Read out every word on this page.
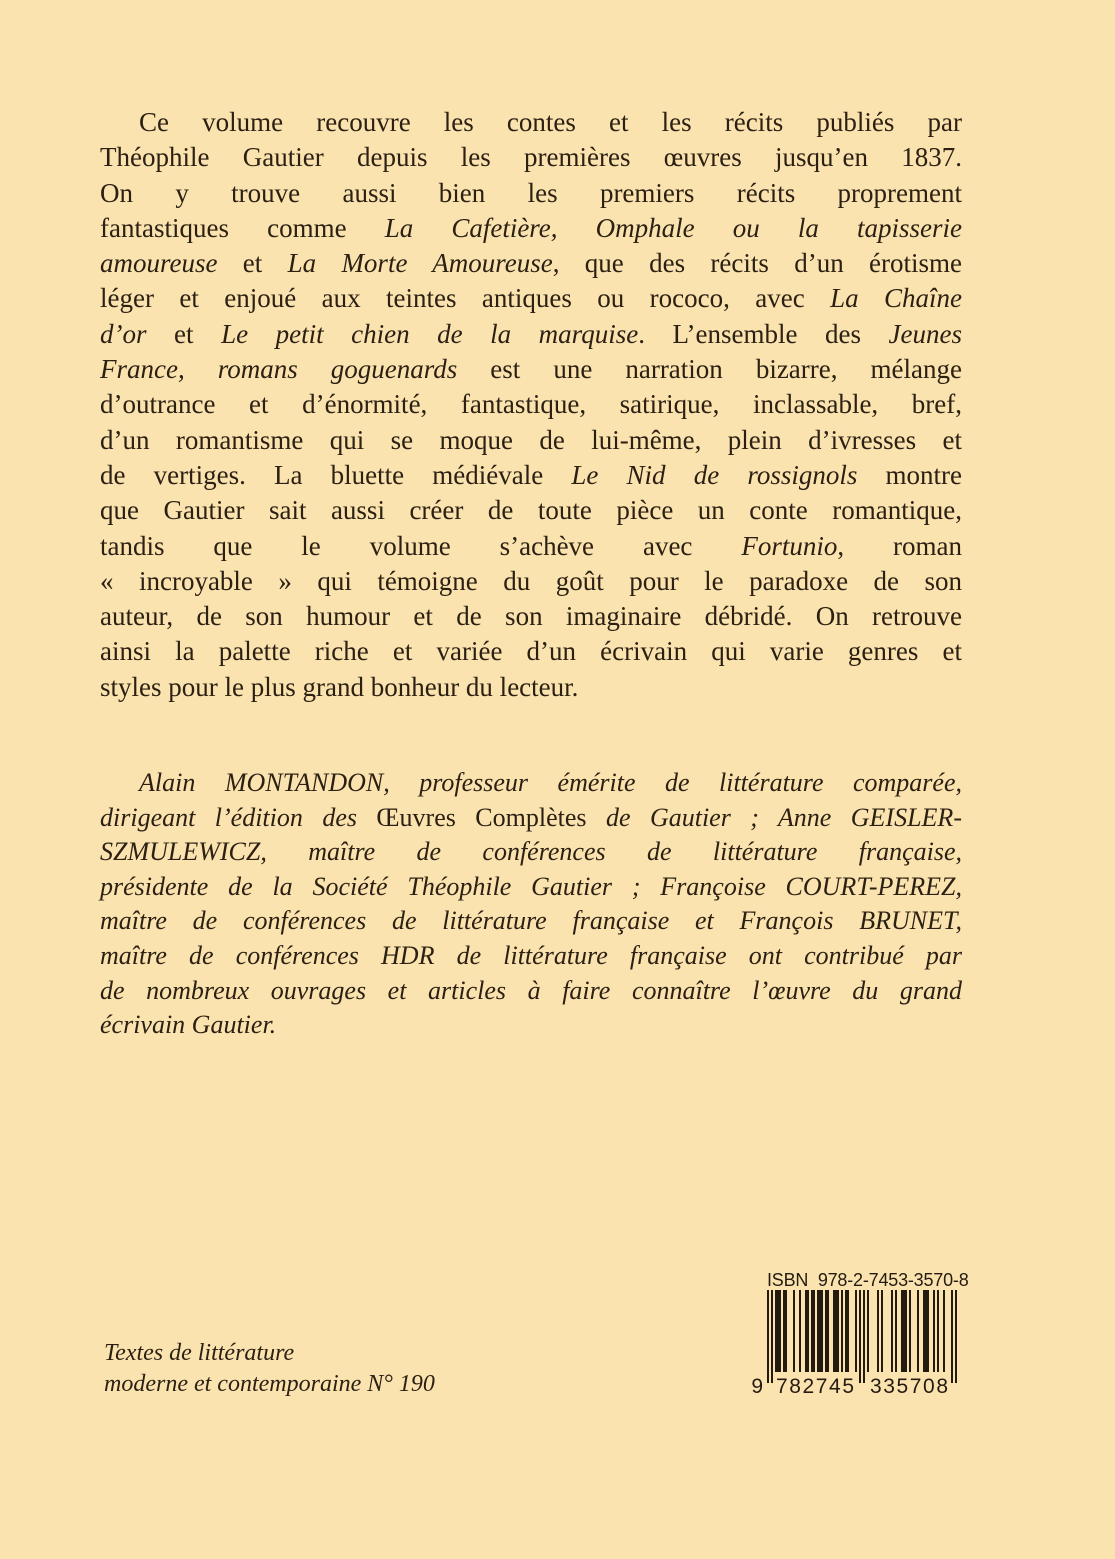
Ce volume recouvre les contes et les récits publiés par
Théophile Gautier depuis les premières œuvres jusqu’en 1837.
On y trouve aussi bien les premiers récits proprement
fantastiques comme La Cafetière, Omphale ou la tapisserie
amoureuse et La Morte Amoureuse, que des récits d’un érotisme
léger et enjoué aux teintes antiques ou rococo, avec La Chaîne
d’or et Le petit chien de la marquise. L’ensemble des Jeunes
France, romans goguenards est une narration bizarre, mélange
d’outrance et d’énormité, fantastique, satirique, inclassable, bref,
d’un romantisme qui se moque de lui-même, plein d’ivresses et
de vertiges. La bluette médiévale Le Nid de rossignols montre
que Gautier sait aussi créer de toute pièce un conte romantique,
tandis que le volume s’achève avec Fortunio, roman
« incroyable » qui témoigne du goût pour le paradoxe de son
auteur, de son humour et de son imaginaire débridé. On retrouve
ainsi la palette riche et variée d’un écrivain qui varie genres et
styles pour le plus grand bonheur du lecteur.
Alain MONTANDON, professeur émérite de littérature comparée,
dirigeant l’édition des Œuvres Complètes de Gautier ; Anne GEISLER-
SZMULEWICZ, maître de conférences de littérature française,
présidente de la Société Théophile Gautier ; Françoise COURT-PEREZ,
maître de conférences de littérature française et François BRUNET,
maître de conférences HDR de littérature française ont contribué par
de nombreux ouvrages et articles à faire connaître l’œuvre du grand
écrivain Gautier.
Textes de littérature
moderne et contemporaine N° 190
ISBN  978-2-7453-3570-8
9 782745 335708
